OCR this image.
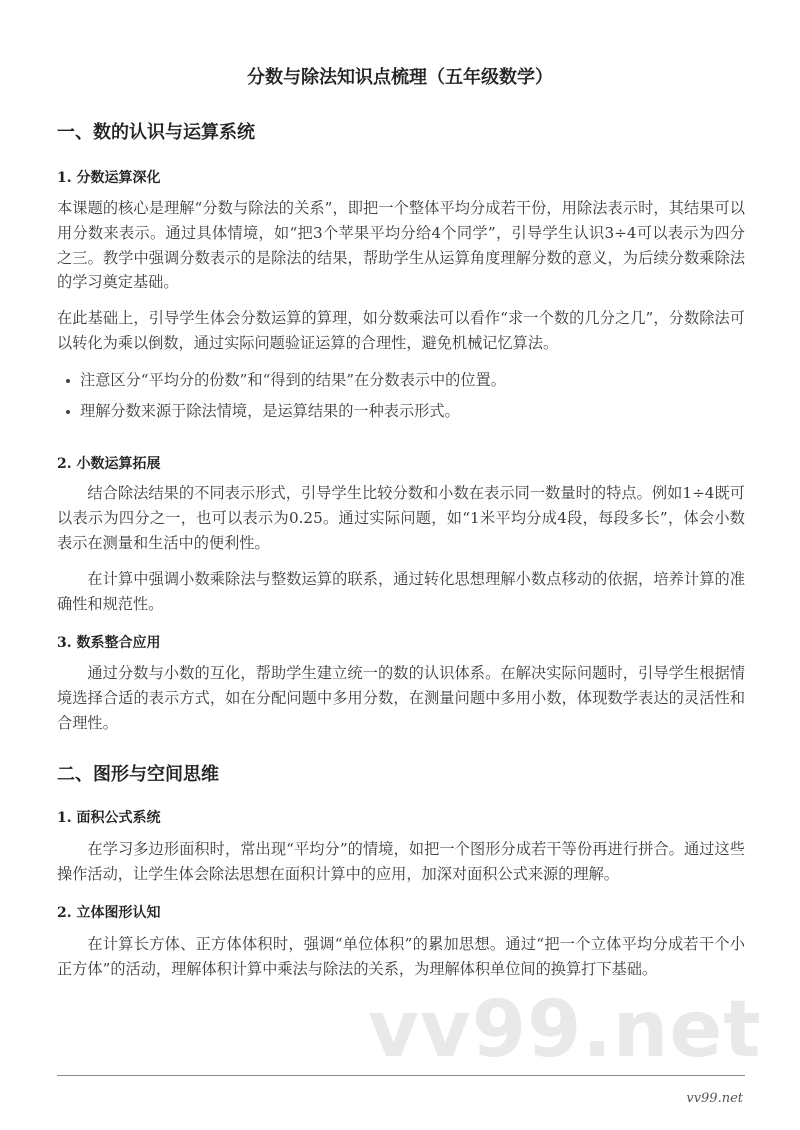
分数与除法知识点梳理（五年级数学）
一、数的认识与运算系统
1. 分数运算深化
本课题的核心是理解“分数与除法的关系”，即把一个整体平均分成若干份，用除法表示时，其结果可以用分数来表示。通过具体情境，如“把3个苹果平均分给4个同学”，引导学生认识3÷4可以表示为四分之三。教学中强调分数表示的是除法的结果，帮助学生从运算角度理解分数的意义，为后续分数乘除法的学习奠定基础。
在此基础上，引导学生体会分数运算的算理，如分数乘法可以看作“求一个数的几分之几”，分数除法可以转化为乘以倒数，通过实际问题验证运算的合理性，避免机械记忆算法。
注意区分“平均分的份数”和“得到的结果”在分数表示中的位置。
理解分数来源于除法情境，是运算结果的一种表示形式。
2. 小数运算拓展
结合除法结果的不同表示形式，引导学生比较分数和小数在表示同一数量时的特点。例如1÷4既可以表示为四分之一，也可以表示为0.25。通过实际问题，如“1米平均分成4段，每段多长”，体会小数表示在测量和生活中的便利性。
在计算中强调小数乘除法与整数运算的联系，通过转化思想理解小数点移动的依据，培养计算的准确性和规范性。
3. 数系整合应用
通过分数与小数的互化，帮助学生建立统一的数的认识体系。在解决实际问题时，引导学生根据情境选择合适的表示方式，如在分配问题中多用分数，在测量问题中多用小数，体现数学表达的灵活性和合理性。
二、图形与空间思维
1. 面积公式系统
在学习多边形面积时，常出现“平均分”的情境，如把一个图形分成若干等份再进行拼合。通过这些操作活动，让学生体会除法思想在面积计算中的应用，加深对面积公式来源的理解。
2. 立体图形认知
在计算长方体、正方体体积时，强调“单位体积”的累加思想。通过“把一个立体平均分成若干个小正方体”的活动，理解体积计算中乘法与除法的关系，为理解体积单位间的换算打下基础。
vv99.net
vv99.net
